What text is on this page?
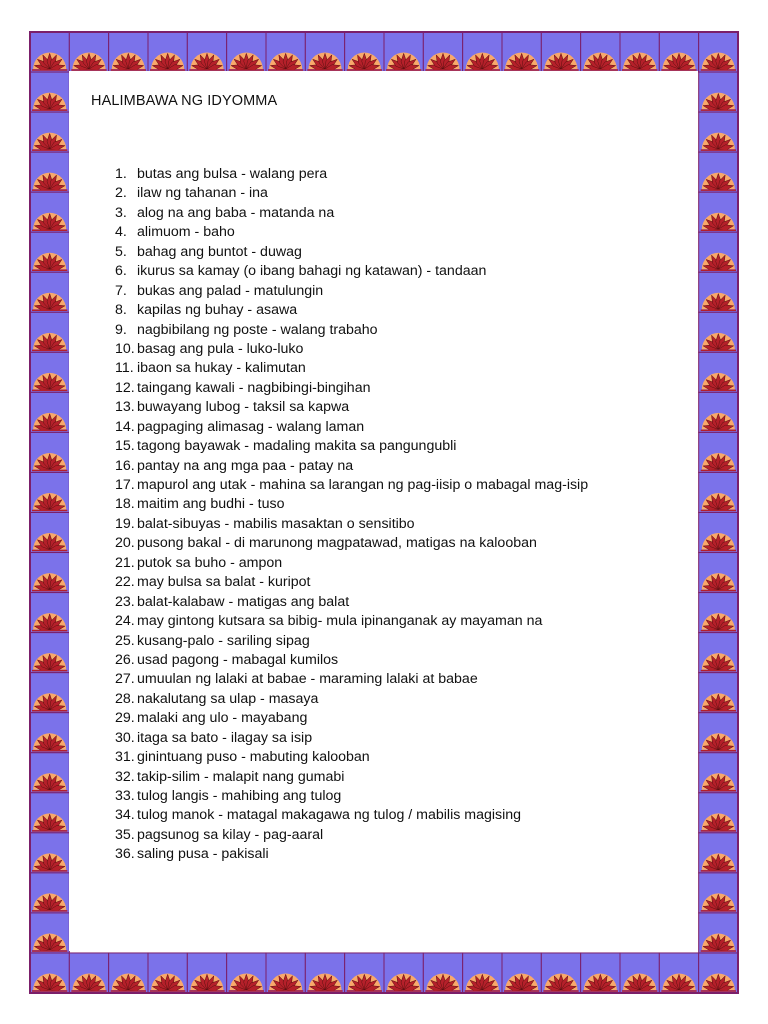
HALIMBAWA NG IDYOMMA
1. butas ang bulsa - walang pera
2. ilaw ng tahanan - ina
3. alog na ang baba - matanda na
4. alimuom - baho
5. bahag ang buntot - duwag
6. ikurus sa kamay (o ibang bahagi ng katawan) - tandaan
7. bukas ang palad - matulungin
8. kapilas ng buhay - asawa
9. nagbibilang ng poste - walang trabaho
10. basag ang pula - luko-luko
11. ibaon sa hukay - kalimutan
12. taingang kawali - nagbibingi-bingihan
13. buwayang lubog - taksil sa kapwa
14. pagpaging alimasag - walang laman
15. tagong bayawak - madaling makita sa pangungubli
16. pantay na ang mga paa - patay na
17. mapurol ang utak - mahina sa larangan ng pag-iisip o mabagal mag-isip
18. maitim ang budhi - tuso
19. balat-sibuyas - mabilis masaktan o sensitibo
20. pusong bakal - di marunong magpatawad, matigas na kalooban
21. putok sa buho - ampon
22. may bulsa sa balat - kuripot
23. balat-kalabaw - matigas ang balat
24. may gintong kutsara sa bibig- mula ipinanganak ay mayaman na
25. kusang-palo - sariling sipag
26. usad pagong - mabagal kumilos
27. umuulan ng lalaki at babae - maraming lalaki at babae
28. nakalutang sa ulap - masaya
29. malaki ang ulo - mayabang
30. itaga sa bato - ilagay sa isip
31. ginintuang puso - mabuting kalooban
32. takip-silim - malapit nang gumabi
33. tulog langis - mahibing ang tulog
34. tulog manok - matagal makagawa ng tulog / mabilis magising
35. pagsunog sa kilay - pag-aaral
36. saling pusa - pakisali
